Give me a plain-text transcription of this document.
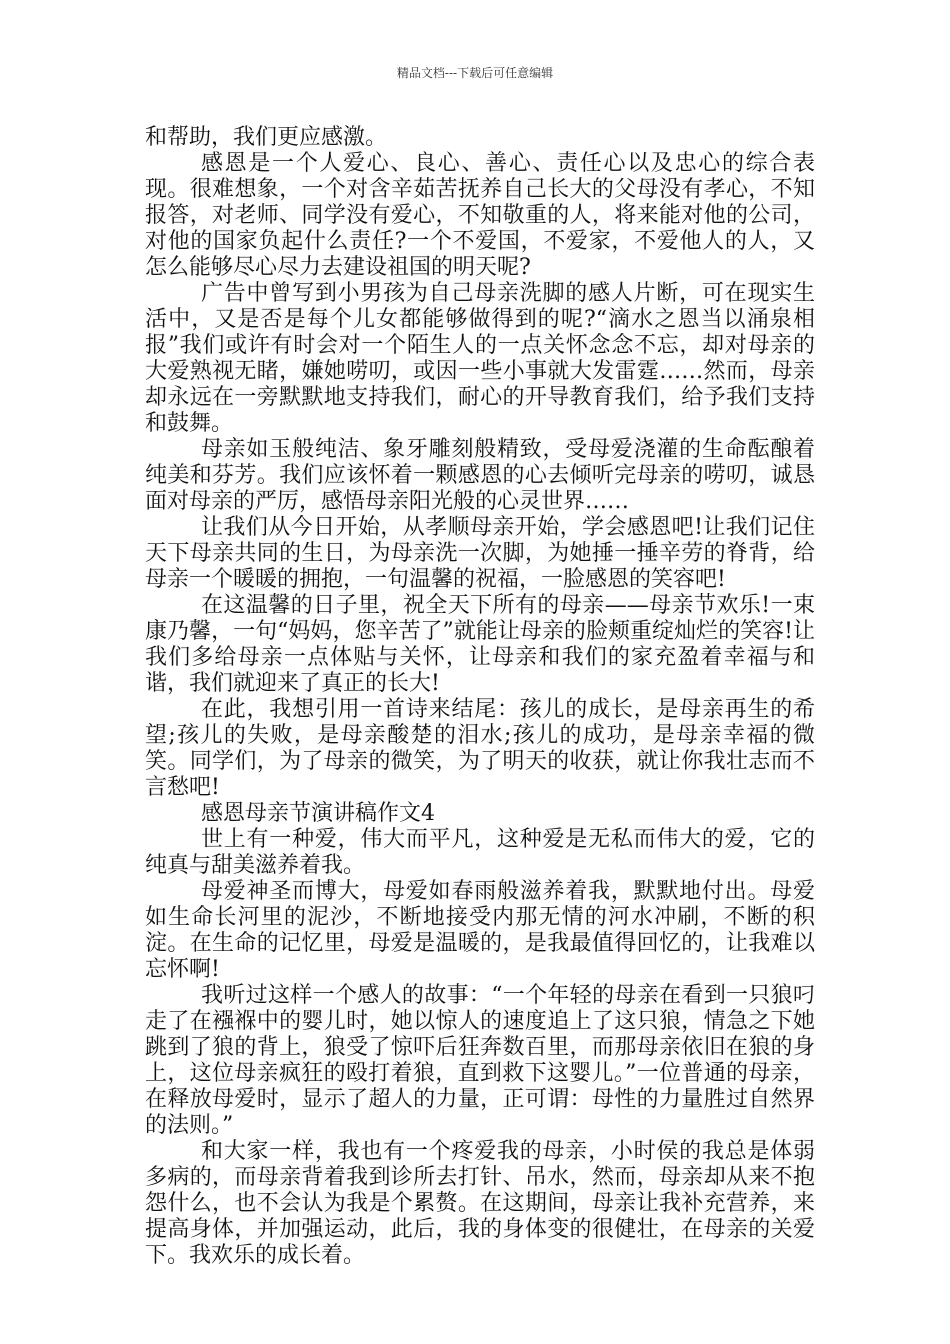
精品文档---下载后可任意编辑

和帮助，我们更应感激。

感恩是一个人爱心、良心、善心、责任心以及忠心的综合表现。很难想象，一个对含辛茹苦抚养自己长大的父母没有孝心，不知报答，对老师、同学没有爱心，不知敬重的人，将来能对他的公司，对他的国家负起什么责任?一个不爱国，不爱家，不爱他人的人，又怎么能够尽心尽力去建设祖国的明天呢?

广告中曾写到小男孩为自己母亲洗脚的感人片断，可在现实生活中，又是否是每个儿女都能够做得到的呢?“滴水之恩当以涌泉相报”我们或许有时会对一个陌生人的一点关怀念念不忘，却对母亲的大爱熟视无睹，嫌她唠叨，或因一些小事就大发雷霆……然而，母亲却永远在一旁默默地支持我们，耐心的开导教育我们，给予我们支持和鼓舞。

母亲如玉般纯洁、象牙雕刻般精致，受母爱浇灌的生命酝酿着纯美和芬芳。我们应该怀着一颗感恩的心去倾听完母亲的唠叨，诚恳面对母亲的严厉，感悟母亲阳光般的心灵世界……

让我们从今日开始，从孝顺母亲开始，学会感恩吧!让我们记住天下母亲共同的生日，为母亲洗一次脚，为她捶一捶辛劳的脊背，给母亲一个暖暖的拥抱，一句温馨的祝福，一脸感恩的笑容吧!

在这温馨的日子里，祝全天下所有的母亲——母亲节欢乐!一束康乃馨，一句“妈妈，您辛苦了”就能让母亲的脸颊重绽灿烂的笑容!让我们多给母亲一点体贴与关怀，让母亲和我们的家充盈着幸福与和谐，我们就迎来了真正的长大!

在此，我想引用一首诗来结尾：孩儿的成长，是母亲再生的希望;孩儿的失败，是母亲酸楚的泪水;孩儿的成功，是母亲幸福的微笑。同学们，为了母亲的微笑，为了明天的收获，就让你我壮志而不言愁吧!

感恩母亲节演讲稿作文4

世上有一种爱，伟大而平凡，这种爱是无私而伟大的爱，它的纯真与甜美滋养着我。

母爱神圣而博大，母爱如春雨般滋养着我，默默地付出。母爱如生命长河里的泥沙，不断地接受内那无情的河水冲刷，不断的积淀。在生命的记忆里，母爱是温暖的，是我最值得回忆的，让我难以忘怀啊!

我听过这样一个感人的故事：“一个年轻的母亲在看到一只狼叼走了在襁褓中的婴儿时，她以惊人的速度追上了这只狼，情急之下她跳到了狼的背上，狼受了惊吓后狂奔数百里，而那母亲依旧在狼的身上，这位母亲疯狂的殴打着狼，直到救下这婴儿。”一位普通的母亲，在释放母爱时，显示了超人的力量，正可谓：母性的力量胜过自然界的法则。”

和大家一样，我也有一个疼爱我的母亲，小时侯的我总是体弱多病的，而母亲背着我到诊所去打针、吊水，然而，母亲却从来不抱怨什么，也不会认为我是个累赘。在这期间，母亲让我补充营养，来提高身体，并加强运动，此后，我的身体变的很健壮，在母亲的关爱下。我欢乐的成长着。
